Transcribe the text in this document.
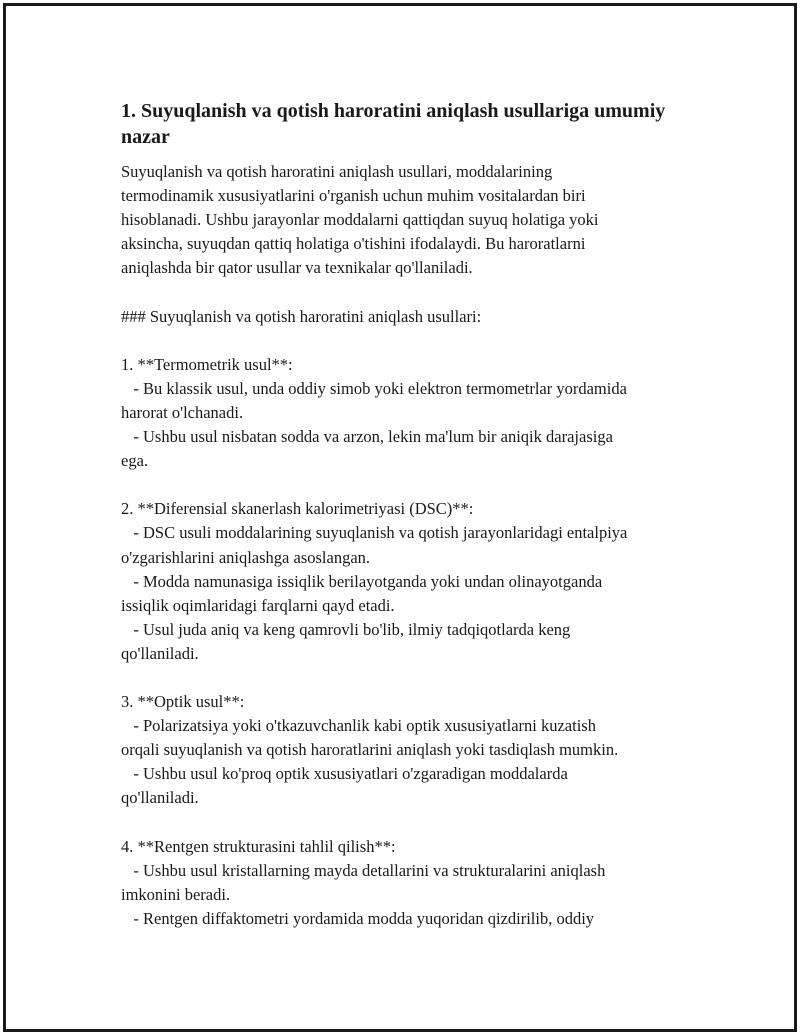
1. Suyuqlanish va qotish haroratini aniqlash usullariga umumiy nazar

Suyuqlanish va qotish haroratini aniqlash usullari, moddalarining
termodinamik xususiyatlarini o'rganish uchun muhim vositalardan biri
hisoblanadi. Ushbu jarayonlar moddalarni qattiqdan suyuq holatiga yoki
aksincha, suyuqdan qattiq holatiga o'tishini ifodalaydi. Bu haroratlarni
aniqlashda bir qator usullar va texnikalar qo'llaniladi.

### Suyuqlanish va qotish haroratini aniqlash usullari:

1. **Termometrik usul**:
- Bu klassik usul, unda oddiy simob yoki elektron termometrlar yordamida
harorat o'lchanadi.
- Ushbu usul nisbatan sodda va arzon, lekin ma'lum bir aniqik darajasiga
ega.

2. **Diferensial skanerlash kalorimetriyasi (DSC)**:
- DSC usuli moddalarining suyuqlanish va qotish jarayonlaridagi entalpiya
o'zgarishlarini aniqlashga asoslangan.
- Modda namunasiga issiqlik berilayotganda yoki undan olinayotganda
issiqlik oqimlaridagi farqlarni qayd etadi.
- Usul juda aniq va keng qamrovli bo'lib, ilmiy tadqiqotlarda keng
qo'llaniladi.

3. **Optik usul**:
- Polarizatsiya yoki o'tkazuvchanlik kabi optik xususiyatlarni kuzatish
orqali suyuqlanish va qotish haroratlarini aniqlash yoki tasdiqlash mumkin.
- Ushbu usul ko'proq optik xususiyatlari o'zgaradigan moddalarda
qo'llaniladi.

4. **Rentgen strukturasini tahlil qilish**:
- Ushbu usul kristallarning mayda detallarini va strukturalarini aniqlash
imkonini beradi.
- Rentgen diffaktometri yordamida modda yuqoridan qizdirilib, oddiy
